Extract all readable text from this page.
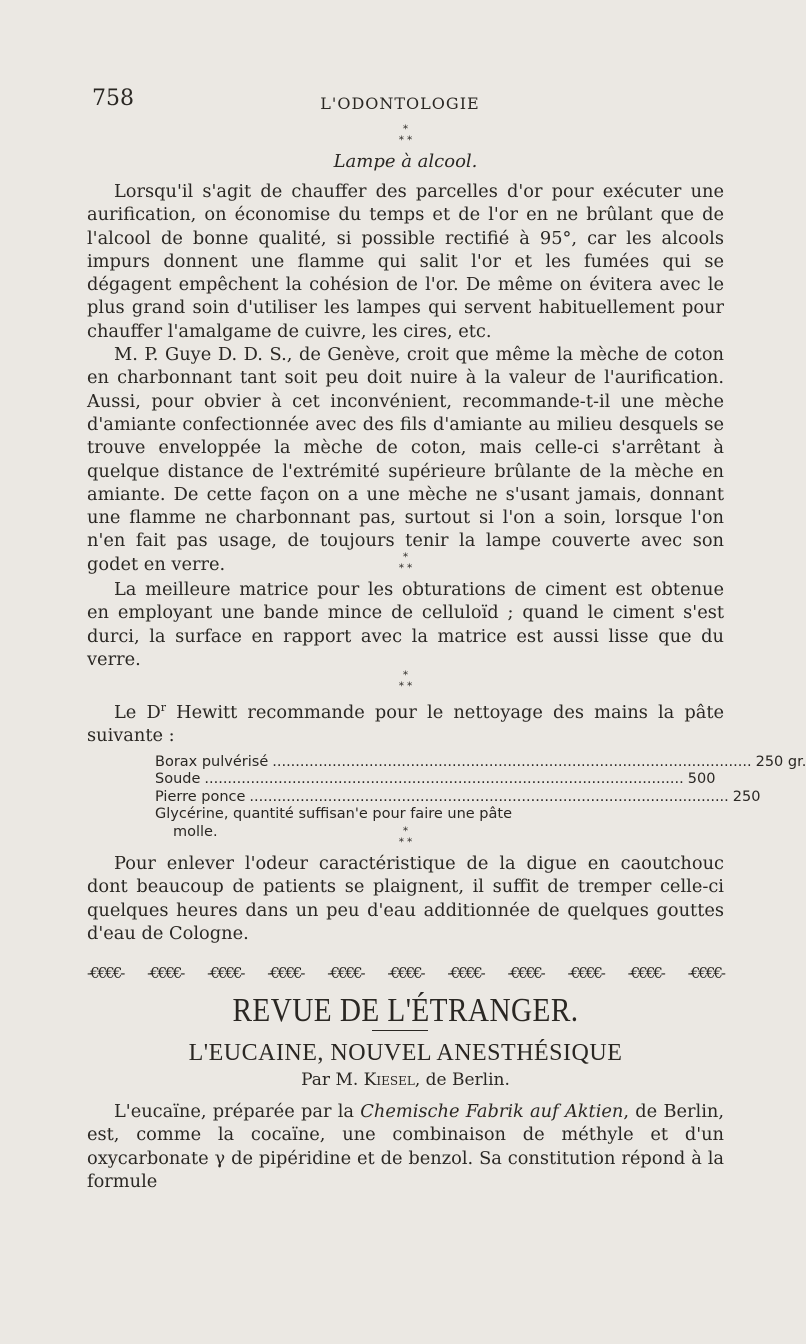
758	L'ODONTOLOGIE
*
* *
Lampe à alcool.

Lorsqu'il s'agit de chauffer des parcelles d'or pour exécuter une aurification, on économise du temps et de l'or en ne brûlant que de l'alcool de bonne qualité, si possible rectifié à 95°, car les alcools impurs donnent une flamme qui salit l'or et les fumées qui se dégagent empêchent la cohésion de l'or. De même on évitera avec le plus grand soin d'utiliser les lampes qui servent habituellement pour chauffer l'amalgame de cuivre, les cires, etc.

M. P. Guye D. D. S., de Genève, croit que même la mèche de coton en charbonnant tant soit peu doit nuire à la valeur de l'aurification. Aussi, pour obvier à cet inconvénient, recommande-t-il une mèche d'amiante confectionnée avec des fils d'amiante au milieu desquels se trouve enveloppée la mèche de coton, mais celle-ci s'arrêtant à quelque distance de l'extrémité supérieure brûlante de la mèche en amiante. De cette façon on a une mèche ne s'usant jamais, donnant une flamme ne charbonnant pas, surtout si l'on a soin, lorsque l'on n'en fait pas usage, de toujours tenir la lampe couverte avec son godet en verre.	*
* *

La meilleure matrice pour les obturations de ciment est obtenue en employant une bande mince de celluloïd ; quand le ciment s'est durci, la surface en rapport avec la matrice est aussi lisse que du verre.

*
* *

Le $D^r$ Hewitt recommande pour le nettoyage des mains la pâte suivante :

Borax pulvérisé ........................................................................................................ 250 gr.
Soude ........................................................................................................ 500
Pierre ponce ........................................................................................................ 250
Glycérine, quantité suffisan'e pour faire une pâte
molle.	*
* *

Pour enlever l'odeur caractéristique de la digue en caoutchouc dont beaucoup de patients se plaignent, il suffit de tremper celle-ci quelques heures dans un peu d'eau additionnée de quelques gouttes d'eau de Cologne.

-€€€€- -€€€€- -€€€€- -€€€€- -€€€€- -€€€€- -€€€€- -€€€€- -€€€€- -€€€€- -€€€€-
REVUE DE L'ÉTRANGER.
L'EUCAINE, NOUVEL ANESTHÉSIQUE
Par M. Kiesel, de Berlin.

L'eucaïne, préparée par la Chemische Fabrik auf Aktien, de Berlin, est, comme la cocaïne, une combinaison de méthyle et d'un oxycarbonate γ de pipéridine et de benzol. Sa constitution répond à la formule
